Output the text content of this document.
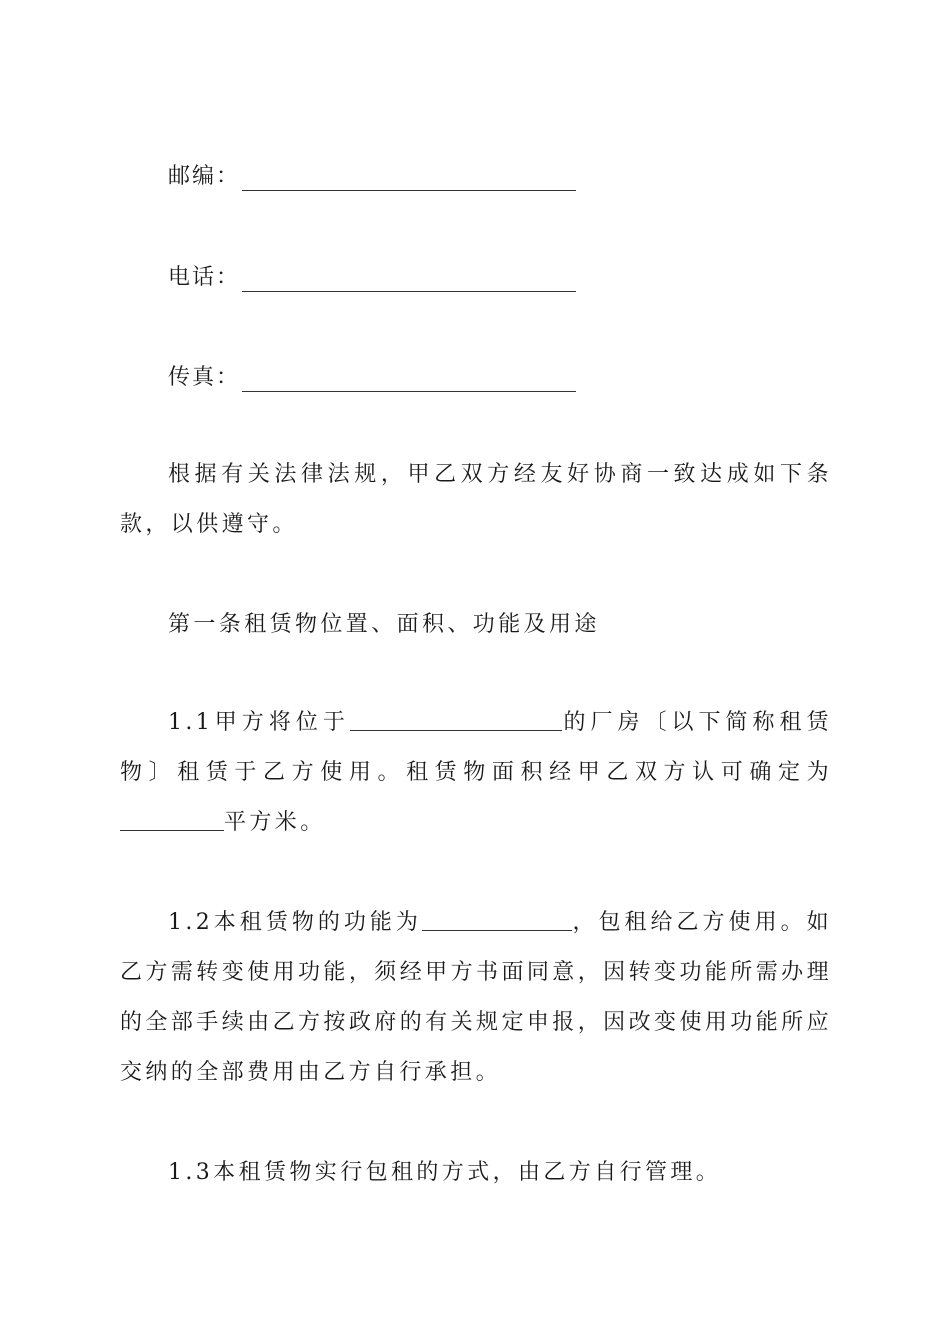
邮编：
电话：
传真：
根据有关法律法规，甲乙双方经友好协商一致达成如下条款，以供遵守。
第一条租赁物位置、面积、功能及用途
1.1甲方将位于	的厂房〔以下简称租赁物〕租赁于乙方使用。租赁物面积经甲乙双方认可确定为平方米。
1.2本租赁物的功能为	，包租给乙方使用。如乙方需转变使用功能，须经甲方书面同意，因转变功能所需办理的全部手续由乙方按政府的有关规定申报，因改变使用功能所应交纳的全部费用由乙方自行承担。
1.3本租赁物实行包租的方式，由乙方自行管理。
